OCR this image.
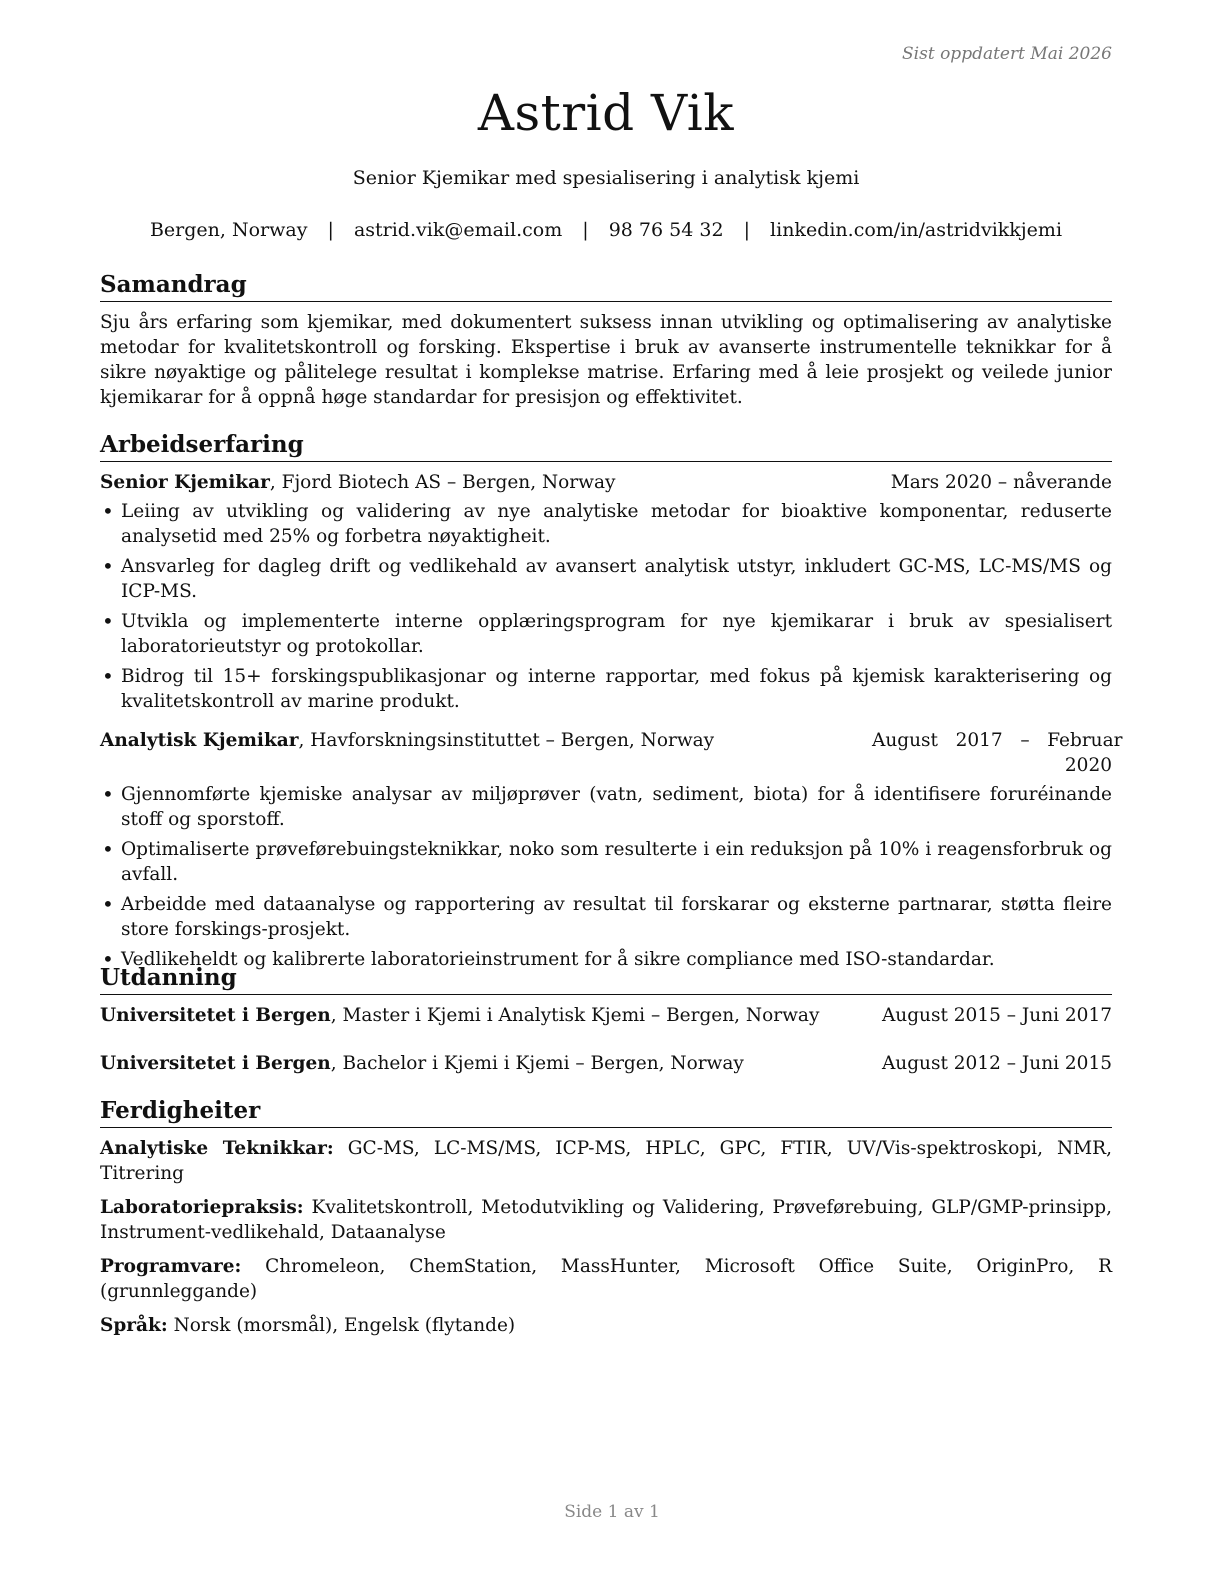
Sist oppdatert Mai 2026
Astrid Vik
Senior Kjemikar med spesialisering i analytisk kjemi
Bergen, Norway | astrid.vik@email.com | 98 76 54 32 | linkedin.com/in/astridvikkjemi
Samandrag

Sju års erfaring som kjemikar, med dokumentert suksess innan utvikling og optimalisering av analytiske metodar for kvalitetskontroll og forsking. Ekspertise i bruk av avanserte instrumentelle teknikkar for å sikre nøyaktige og pålitelege resultat i komplekse matrise. Erfaring med å leie prosjekt og veilede junior kjemikarar for å oppnå høge standardar for presisjon og effektivitet.

Arbeidserfaring
Senior Kjemikar, Fjord Biotech AS – Bergen, Norway	Mars 2020 – nåverande
• Leiing av utvikling og validering av nye analytiske metodar for bioaktive komponentar, reduserte analysetid med 25% og forbetra nøyaktigheit.
• Ansvarleg for dagleg drift og vedlikehald av avansert analytisk utstyr, inkludert GC-MS, LC-MS/MS og ICP-MS.
• Utvikla og implementerte interne opplæringsprogram for nye kjemikarar i bruk av spesialisert laboratorieutstyr og protokollar.
• Bidrog til 15+ forskingspublikasjonar og interne rapportar, med fokus på kjemisk karakterisering og kvalitetskontroll av marine produkt.
Analytisk Kjemikar, Havforskningsinstituttet – Bergen, Norway	August   2017   –   Februar
2020
• Gjennomførte kjemiske analysar av miljøprøver (vatn, sediment, biota) for å identifisere foruréinande stoff og sporstoff.
• Optimaliserte prøveførebuingsteknikkar, noko som resulterte i ein reduksjon på 10% i reagensforbruk og avfall.
• Arbeidde med dataanalyse og rapportering av resultat til forskarar og eksterne partnarar, støtta fleire store forskings-prosjekt.
• Vedlikeheldt og kalibrerte laboratorieinstrument for å sikre compliance med ISO-standardar.
Utdanning
Universitetet i Bergen, Master i Kjemi i Analytisk Kjemi – Bergen, Norway	August 2015 – Juni 2017
Universitetet i Bergen, Bachelor i Kjemi i Kjemi – Bergen, Norway	August 2012 – Juni 2015
Ferdigheiter
Analytiske Teknikkar: GC-MS, LC-MS/MS, ICP-MS, HPLC, GPC, FTIR, UV/Vis-spektroskopi, NMR, Titrering
Laboratoriepraksis: Kvalitetskontroll, Metodutvikling og Validering, Prøveførebuing, GLP/GMP-prinsipp, Instrument-vedlikehald, Dataanalyse
Programvare: Chromeleon, ChemStation, MassHunter, Microsoft Office Suite, OriginPro, R (grunnleggande)
Språk: Norsk (morsmål), Engelsk (flytande)
Side 1 av 1
